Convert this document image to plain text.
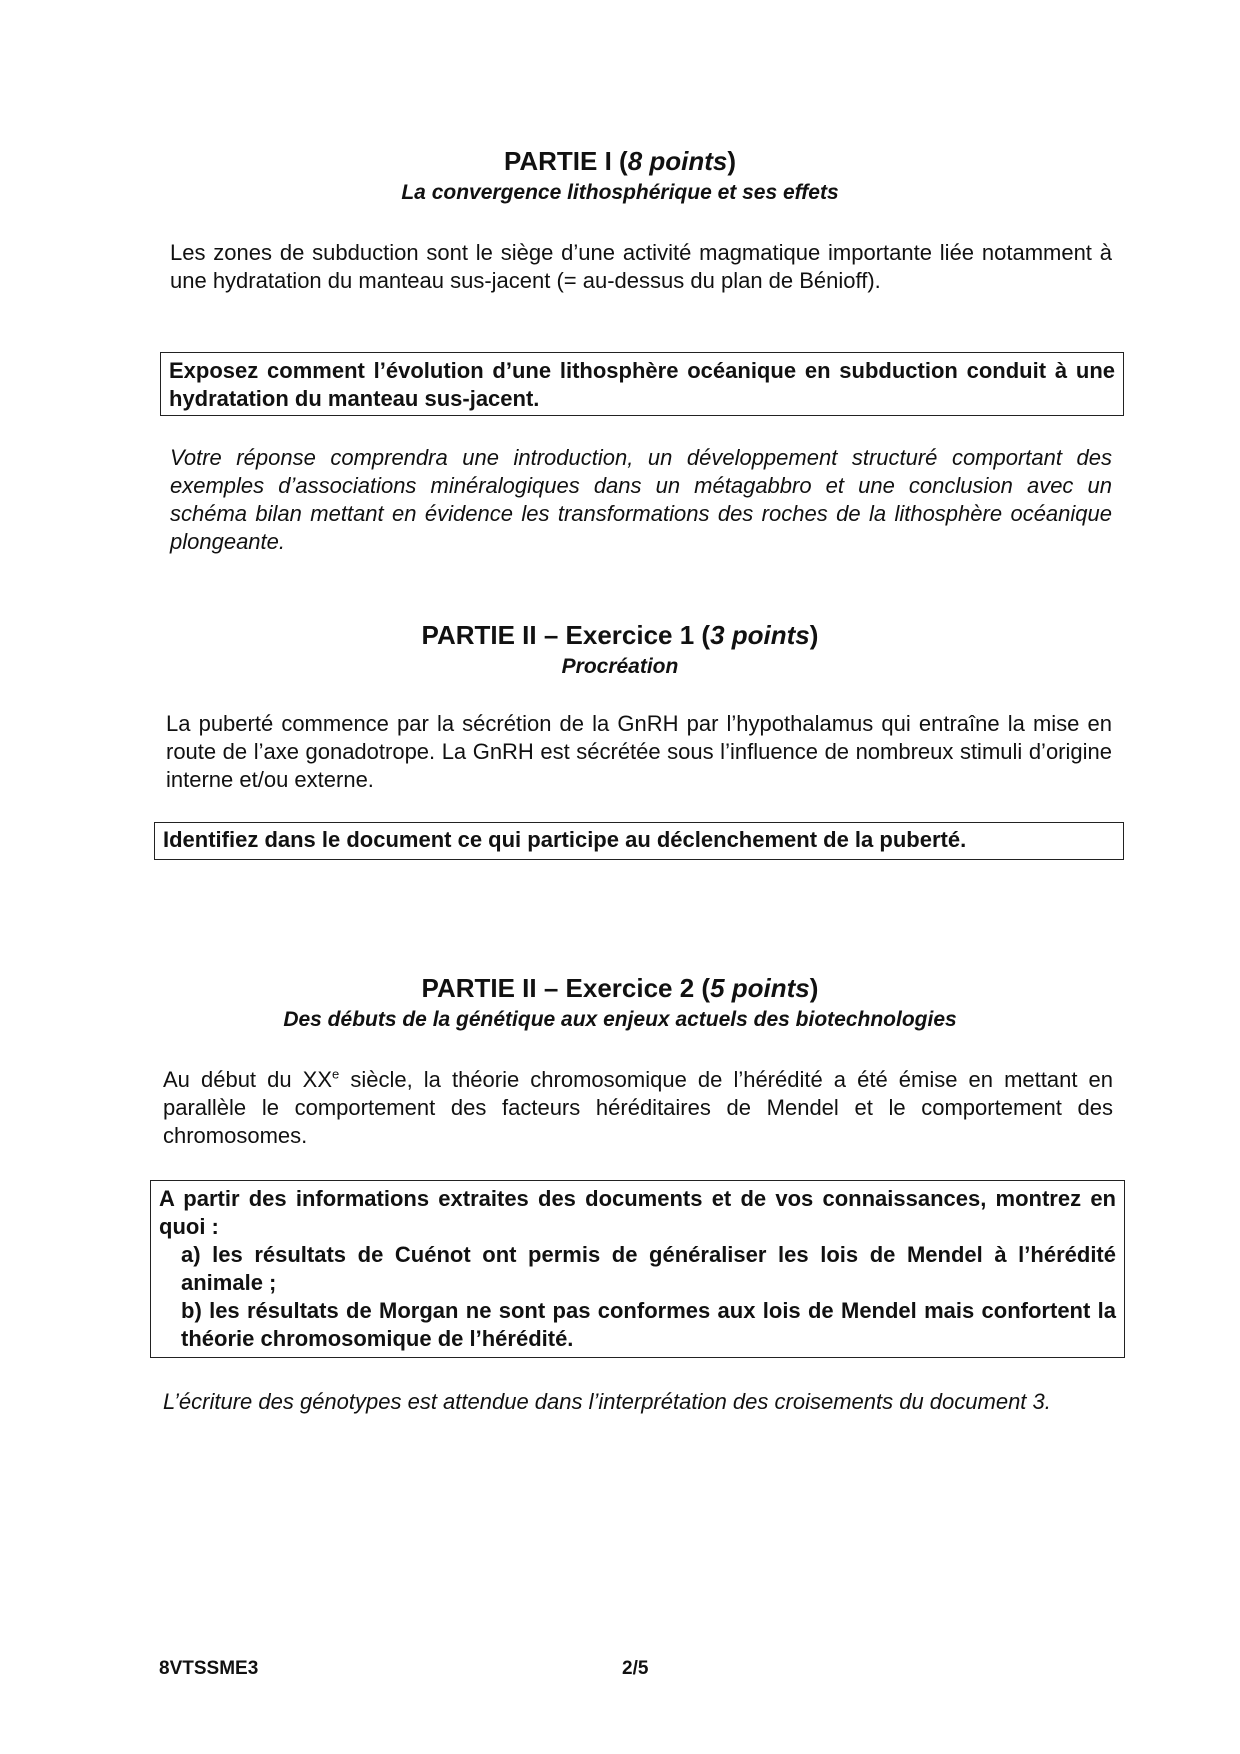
PARTIE I (8 points)

La convergence lithosphérique et ses effets

Les zones de subduction sont le siège d’une activité magmatique importante liée notamment à une hydratation du manteau sus-jacent (= au-dessus du plan de Bénioff).

Exposez comment l’évolution d’une lithosphère océanique en subduction conduit à une hydratation du manteau sus-jacent.

Votre réponse comprendra une introduction, un développement structuré comportant des exemples d’associations minéralogiques dans un métagabbro et une conclusion avec un schéma bilan mettant en évidence les transformations des roches de la lithosphère océanique plongeante.

PARTIE II – Exercice 1 (3 points)

Procréation

La puberté commence par la sécrétion de la GnRH par l’hypothalamus qui entraîne la mise en route de l’axe gonadotrope. La GnRH est sécrétée sous l’influence de nombreux stimuli d’origine interne et/ou externe.

Identifiez dans le document ce qui participe au déclenchement de la puberté.

PARTIE II – Exercice 2 (5 points)

Des débuts de la génétique aux enjeux actuels des biotechnologies

Au début du XXe siècle, la théorie chromosomique de l’hérédité a été émise en mettant en parallèle le comportement des facteurs héréditaires de Mendel et le comportement des chromosomes.

A partir des informations extraites des documents et de vos connaissances, montrez en quoi :
a) les résultats de Cuénot ont permis de généraliser les lois de Mendel à l’hérédité animale ;
b) les résultats de Morgan ne sont pas conformes aux lois de Mendel mais confortent la théorie chromosomique de l’hérédité.

L’écriture des génotypes est attendue dans l’interprétation des croisements du document 3.

8VTSSME3	2/5
